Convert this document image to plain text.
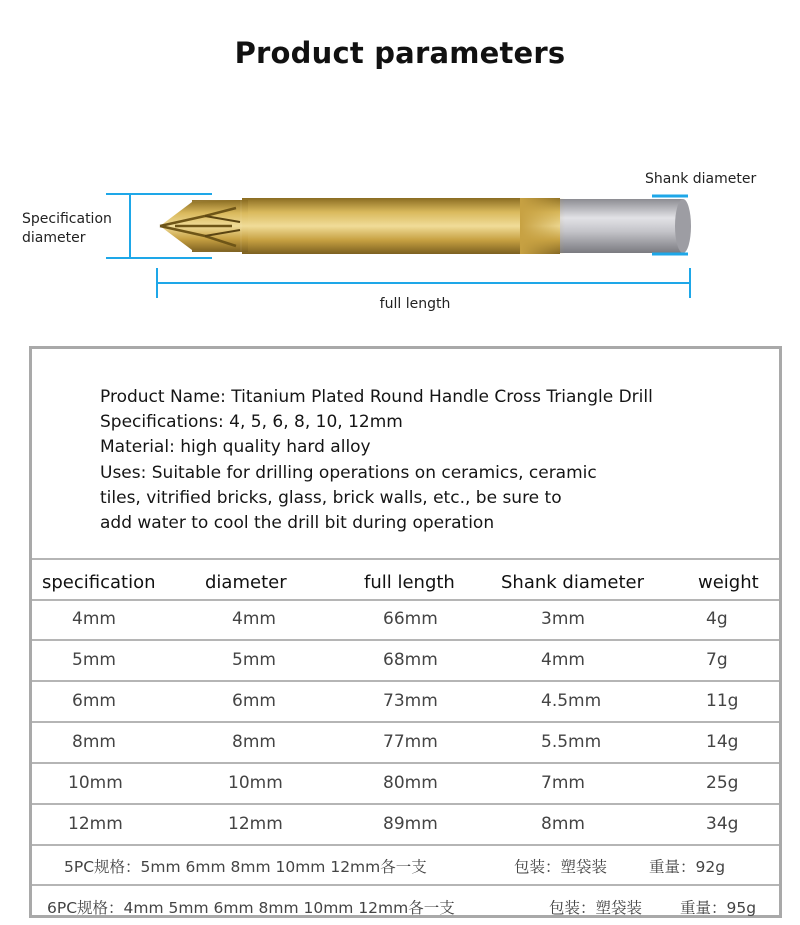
Product parameters
Specification
diameter
Shank diameter
full length
Product Name: Titanium Plated Round Handle Cross Triangle Drill
Specifications: 4, 5, 6, 8, 10, 12mm
Material: high quality hard alloy
Uses: Suitable for drilling operations on ceramics, ceramic
tiles, vitrified bricks, glass, brick walls, etc., be sure to
add water to cool the drill bit during operation
specification	diameter	full length	Shank diameter	weight
4mm	4mm	66mm	3mm	4g
5mm	5mm	68mm	4mm	7g
6mm	6mm	73mm	4.5mm	11g
8mm	8mm	77mm	5.5mm	14g
10mm	10mm	80mm	7mm	25g
12mm	12mm	89mm	8mm	34g
5PC规格：5mm 6mm 8mm 10mm 12mm各一支	包装：塑袋装	重量：92g
6PC规格：4mm 5mm 6mm 8mm 10mm 12mm各一支	包装：塑袋装 重量：95g
